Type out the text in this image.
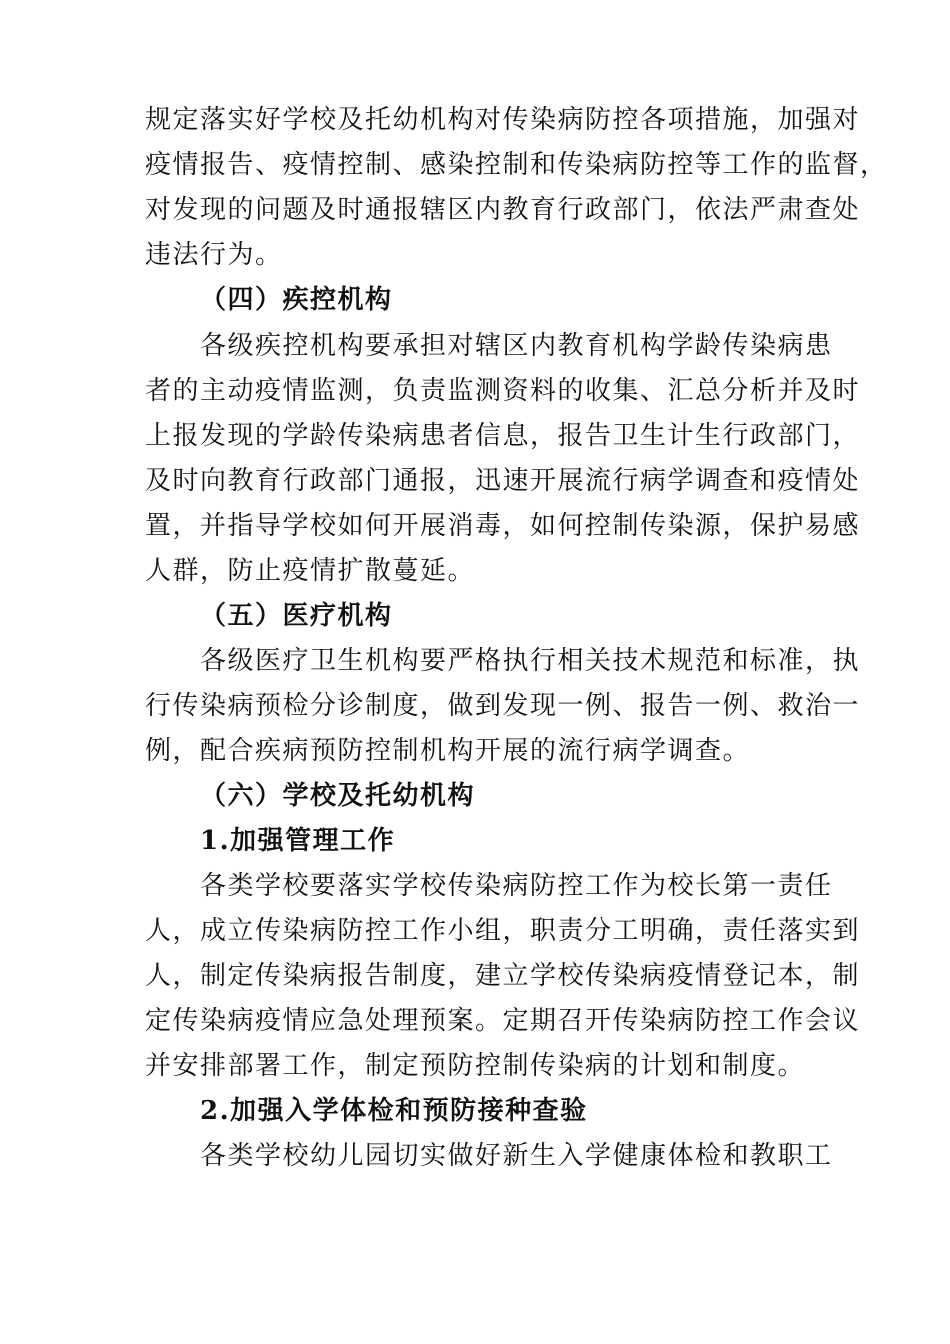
规定落实好学校及托幼机构对传染病防控各项措施，加强对
疫情报告、疫情控制、感染控制和传染病防控等工作的监督，
对发现的问题及时通报辖区内教育行政部门，依法严肃查处
违法行为。
（四）疾控机构
各级疾控机构要承担对辖区内教育机构学龄传染病患
者的主动疫情监测，负责监测资料的收集、汇总分析并及时
上报发现的学龄传染病患者信息，报告卫生计生行政部门，
及时向教育行政部门通报，迅速开展流行病学调查和疫情处
置，并指导学校如何开展消毒，如何控制传染源，保护易感
人群，防止疫情扩散蔓延。
（五）医疗机构
各级医疗卫生机构要严格执行相关技术规范和标准，执
行传染病预检分诊制度，做到发现一例、报告一例、救治一
例，配合疾病预防控制机构开展的流行病学调查。
（六）学校及托幼机构
1.加强管理工作
各类学校要落实学校传染病防控工作为校长第一责任
人，成立传染病防控工作小组，职责分工明确，责任落实到
人，制定传染病报告制度，建立学校传染病疫情登记本，制
定传染病疫情应急处理预案。定期召开传染病防控工作会议
并安排部署工作，制定预防控制传染病的计划和制度。
2.加强入学体检和预防接种查验
各类学校幼儿园切实做好新生入学健康体检和教职工
